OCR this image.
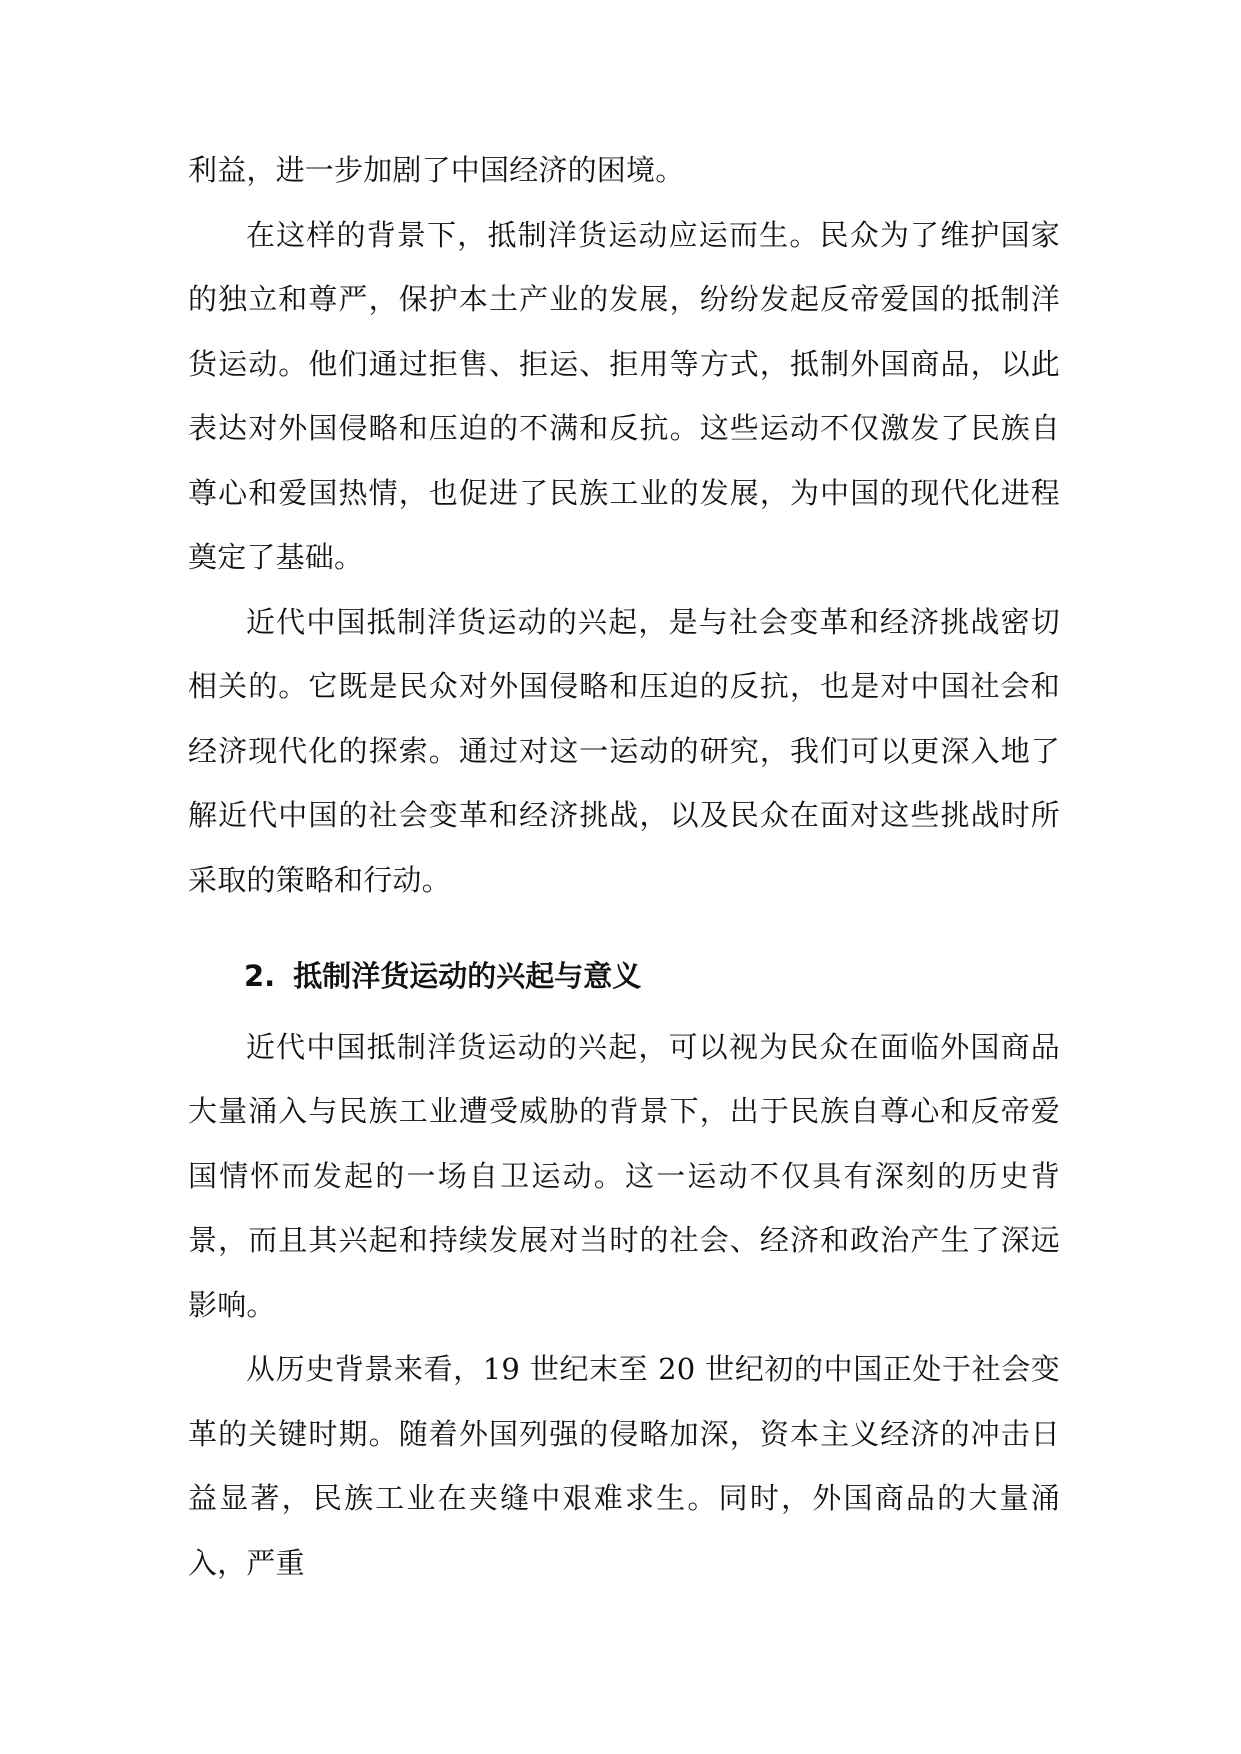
利益，进一步加剧了中国经济的困境。

在这样的背景下，抵制洋货运动应运而生。民众为了维护国家的独立和尊严，保护本土产业的发展，纷纷发起反帝爱国的抵制洋货运动。他们通过拒售、拒运、拒用等方式，抵制外国商品，以此表达对外国侵略和压迫的不满和反抗。这些运动不仅激发了民族自尊心和爱国热情，也促进了民族工业的发展，为中国的现代化进程奠定了基础。

近代中国抵制洋货运动的兴起，是与社会变革和经济挑战密切相关的。它既是民众对外国侵略和压迫的反抗，也是对中国社会和经济现代化的探索。通过对这一运动的研究，我们可以更深入地了解近代中国的社会变革和经济挑战，以及民众在面对这些挑战时所采取的策略和行动。

2. 抵制洋货运动的兴起与意义

近代中国抵制洋货运动的兴起，可以视为民众在面临外国商品大量涌入与民族工业遭受威胁的背景下，出于民族自尊心和反帝爱国情怀而发起的一场自卫运动。这一运动不仅具有深刻的历史背景，而且其兴起和持续发展对当时的社会、经济和政治产生了深远影响。

从历史背景来看，19 世纪末至 20 世纪初的中国正处于社会变革的关键时期。随着外国列强的侵略加深，资本主义经济的冲击日益显著，民族工业在夹缝中艰难求生。同时，外国商品的大量涌入，严重
